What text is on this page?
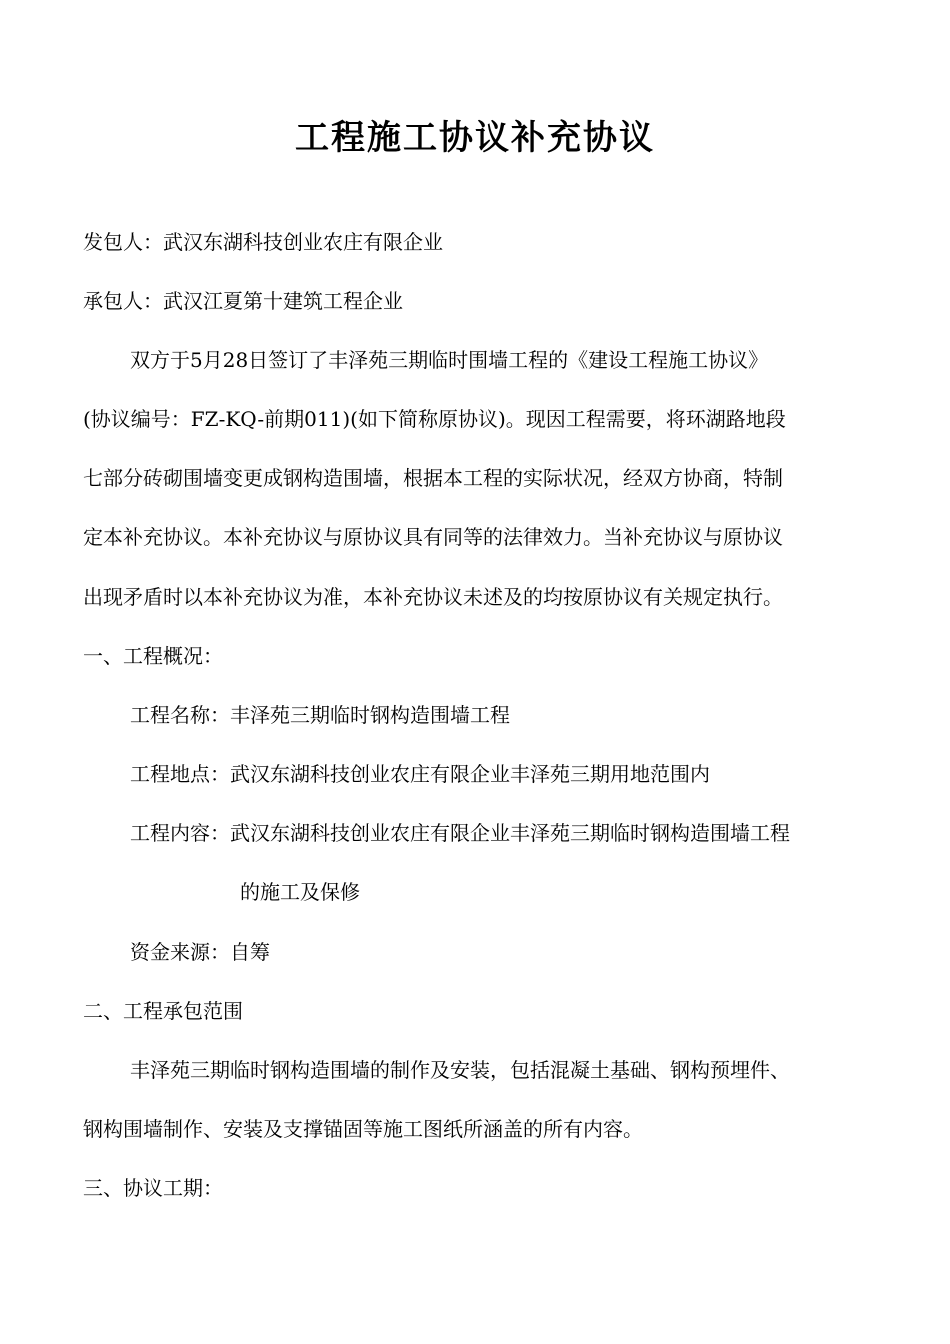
工程施工协议补充协议

发包人：武汉东湖科技创业农庄有限企业

承包人：武汉江夏第十建筑工程企业

双方于5月28日签订了丰泽苑三期临时围墙工程的《建设工程施工协议》

(协议编号：FZ-KQ-前期011)(如下简称原协议)。现因工程需要，将环湖路地段

七部分砖砌围墙变更成钢构造围墙，根据本工程的实际状况，经双方协商，特制

定本补充协议。本补充协议与原协议具有同等的法律效力。当补充协议与原协议

出现矛盾时以本补充协议为准，本补充协议未述及的均按原协议有关规定执行。

一、工程概况：

工程名称：丰泽苑三期临时钢构造围墙工程

工程地点：武汉东湖科技创业农庄有限企业丰泽苑三期用地范围内

工程内容：武汉东湖科技创业农庄有限企业丰泽苑三期临时钢构造围墙工程

的施工及保修

资金来源：自筹

二、工程承包范围

丰泽苑三期临时钢构造围墙的制作及安装，包括混凝土基础、钢构预埋件、

钢构围墙制作、安装及支撑锚固等施工图纸所涵盖的所有内容。

三、协议工期：
